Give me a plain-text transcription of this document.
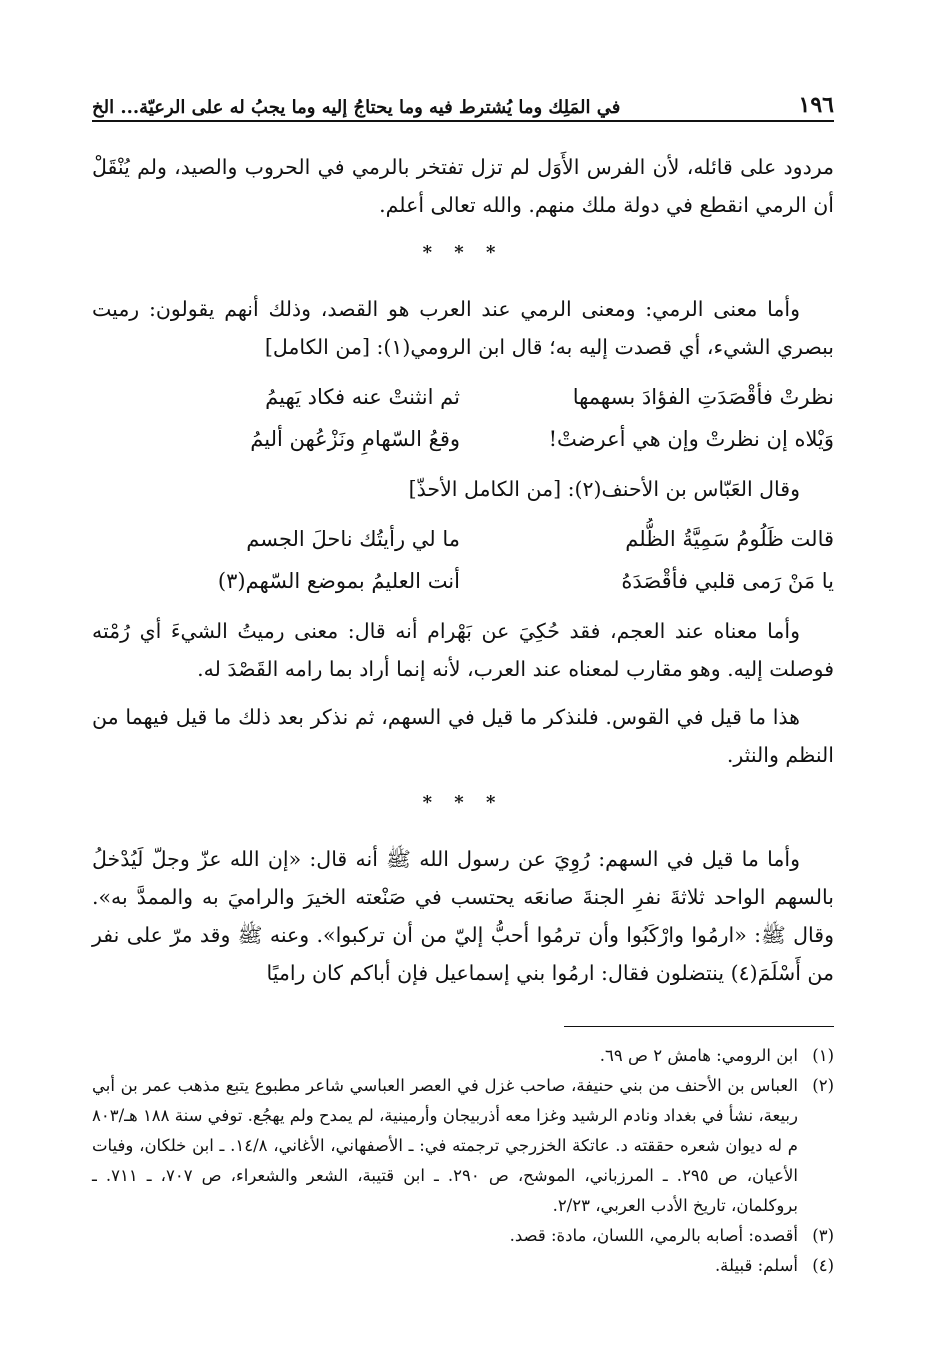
١٩٦
في المَلِك وما يُشترط فيه وما يحتاجُ إليه وما يجبُ له على الرعيّة... الخ

مردود على قائله، لأن الفرس الأَوَل لم تزل تفتخر بالرمي في الحروب والصيد، ولم يُنْقَلْ أن الرمي انقطع في دولة ملك منهم. والله تعالى أعلم.

* * *

وأما معنى الرمي: ومعنى الرمي عند العرب هو القصد، وذلك أنهم يقولون: رميت ببصري الشيء، أي قصدت إليه به؛ قال ابن الرومي(١): [من الكامل]

نظرتْ فأقْصَدَتِ الفؤادَ بسهمها
ثم انثنتْ عنه فكاد يَهيمُ
وَيْلاه إن نظرتْ وإن هي أعرضتْ!
وقعُ السّهامِ ونَزْعُهن أليمُ

وقال العَبّاس بن الأحنف(٢): [من الكامل الأحذّ]

قالت ظَلُومُ سَمِيَّةُ الظُّلم
ما لي رأيتُك ناحلَ الجسم
يا مَنْ رَمى قلبي فأقْصَدَهُ
أنت العليمُ بموضع السّهم(٣)

وأما معناه عند العجم، فقد حُكِيَ عن بَهْرام أنه قال: معنى رميتُ الشيءَ أي رُمْته فوصلت إليه. وهو مقارب لمعناه عند العرب، لأنه إنما أراد بما رامه القَصْدَ له.

هذا ما قيل في القوس. فلنذكر ما قيل في السهم، ثم نذكر بعد ذلك ما قيل فيهما من النظم والنثر.

* * *

وأما ما قيل في السهم: رُوِيَ عن رسول الله ﷺ أنه قال: «إن الله عزّ وجلّ لَيُدْخلُ بالسهم الواحد ثلاثةَ نفرِ الجنةَ صانعَه يحتسب في صَنْعته الخيرَ والراميَ به والممدَّ به». وقال ﷺ: «ارمُوا وارْكَبُوا وأن ترمُوا أحبُّ إليّ من أن تركبوا». وعنه ﷺ وقد مرّ على نفر من أَسْلَمَ(٤) ينتضلون فقال: ارمُوا بني إسماعيل فإن أباكم كان راميًا

(١)
ابن الرومي: هامش ٢ ص ٦٩.
(٢)
العباس بن الأحنف من بني حنيفة، صاحب غزل في العصر العباسي شاعر مطبوع يتبع مذهب عمر بن أبي ربيعة، نشأ في بغداد ونادم الرشيد وغزا معه أذربيجان وأرمينية، لم يمدح ولم يهجُع. توفي سنة ١٨٨ هـ/٨٠٣ م له ديوان شعره حققته د. عاتكة الخزرجي ترجمته في: ـ الأصفهاني، الأغاني، ١٤/٨. ـ ابن خلكان، وفيات الأعيان، ص ٢٩٥. ـ المرزباني، الموشح، ص ٢٩٠. ـ ابن قتيبة، الشعر والشعراء، ص ٧٠٧، ـ ٧١١. ـ بروكلمان، تاريخ الأدب العربي، ٢/٢٣.
(٣)
أقصده: أصابه بالرمي، اللسان، مادة: قصد.
(٤)
أسلم: قبيلة.
